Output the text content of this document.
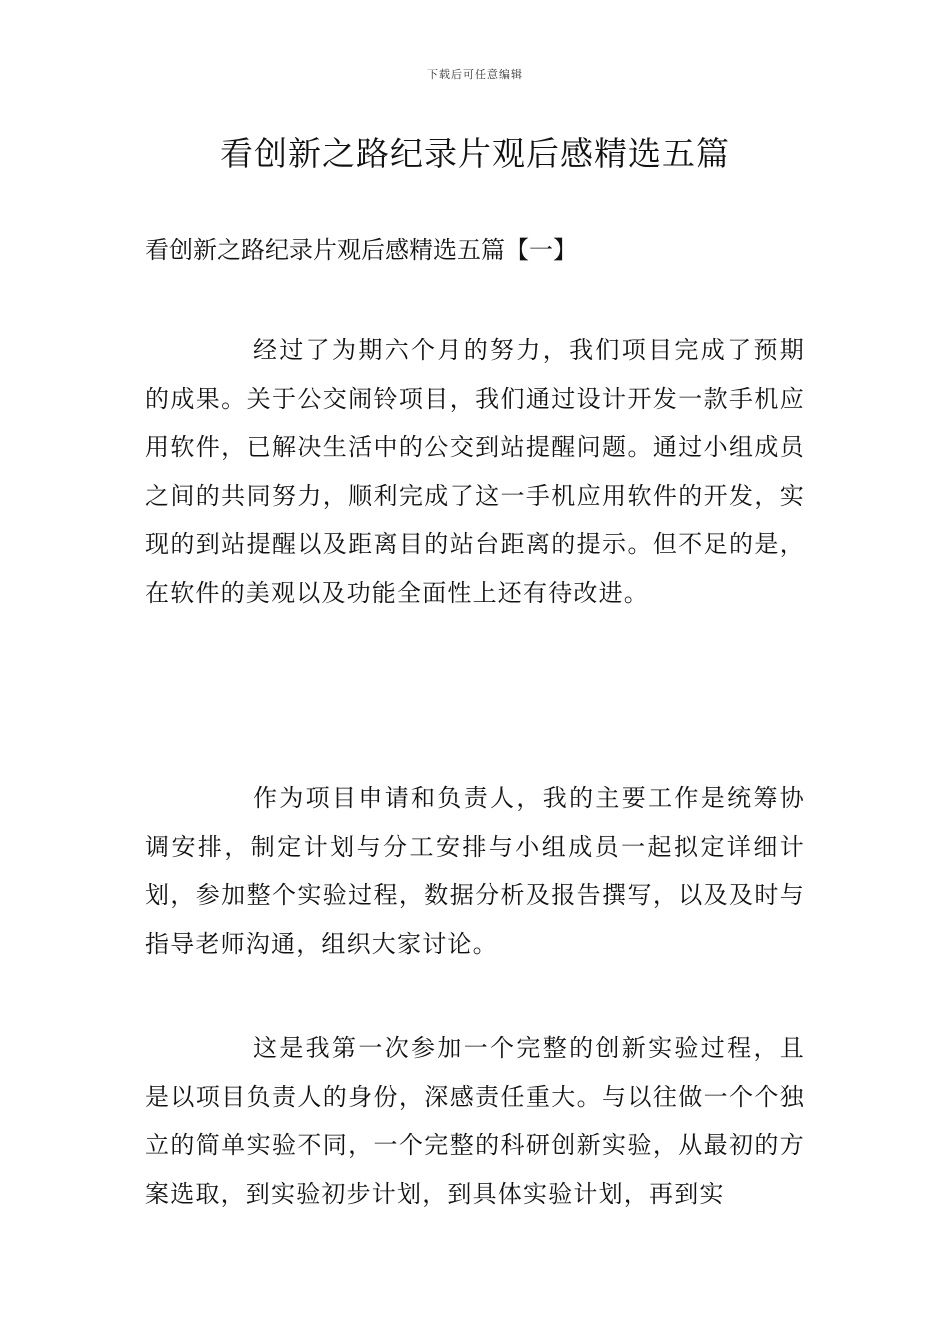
下载后可任意编辑
看创新之路纪录片观后感精选五篇
看创新之路纪录片观后感精选五篇【一】

经过了为期六个月的努力，我们项目完成了预期的成果。关于公交闹铃项目，我们通过设计开发一款手机应用软件，已解决生活中的公交到站提醒问题。通过小组成员之间的共同努力，顺利完成了这一手机应用软件的开发，实现的到站提醒以及距离目的站台距离的提示。但不足的是，在软件的美观以及功能全面性上还有待改进。

作为项目申请和负责人，我的主要工作是统筹协调安排，制定计划与分工安排与小组成员一起拟定详细计划，参加整个实验过程，数据分析及报告撰写，以及及时与指导老师沟通，组织大家讨论。

这是我第一次参加一个完整的创新实验过程，且是以项目负责人的身份，深感责任重大。与以往做一个个独立的简单实验不同，一个完整的科研创新实验，从最初的方案选取，到实验初步计划，到具体实验计划，再到实
